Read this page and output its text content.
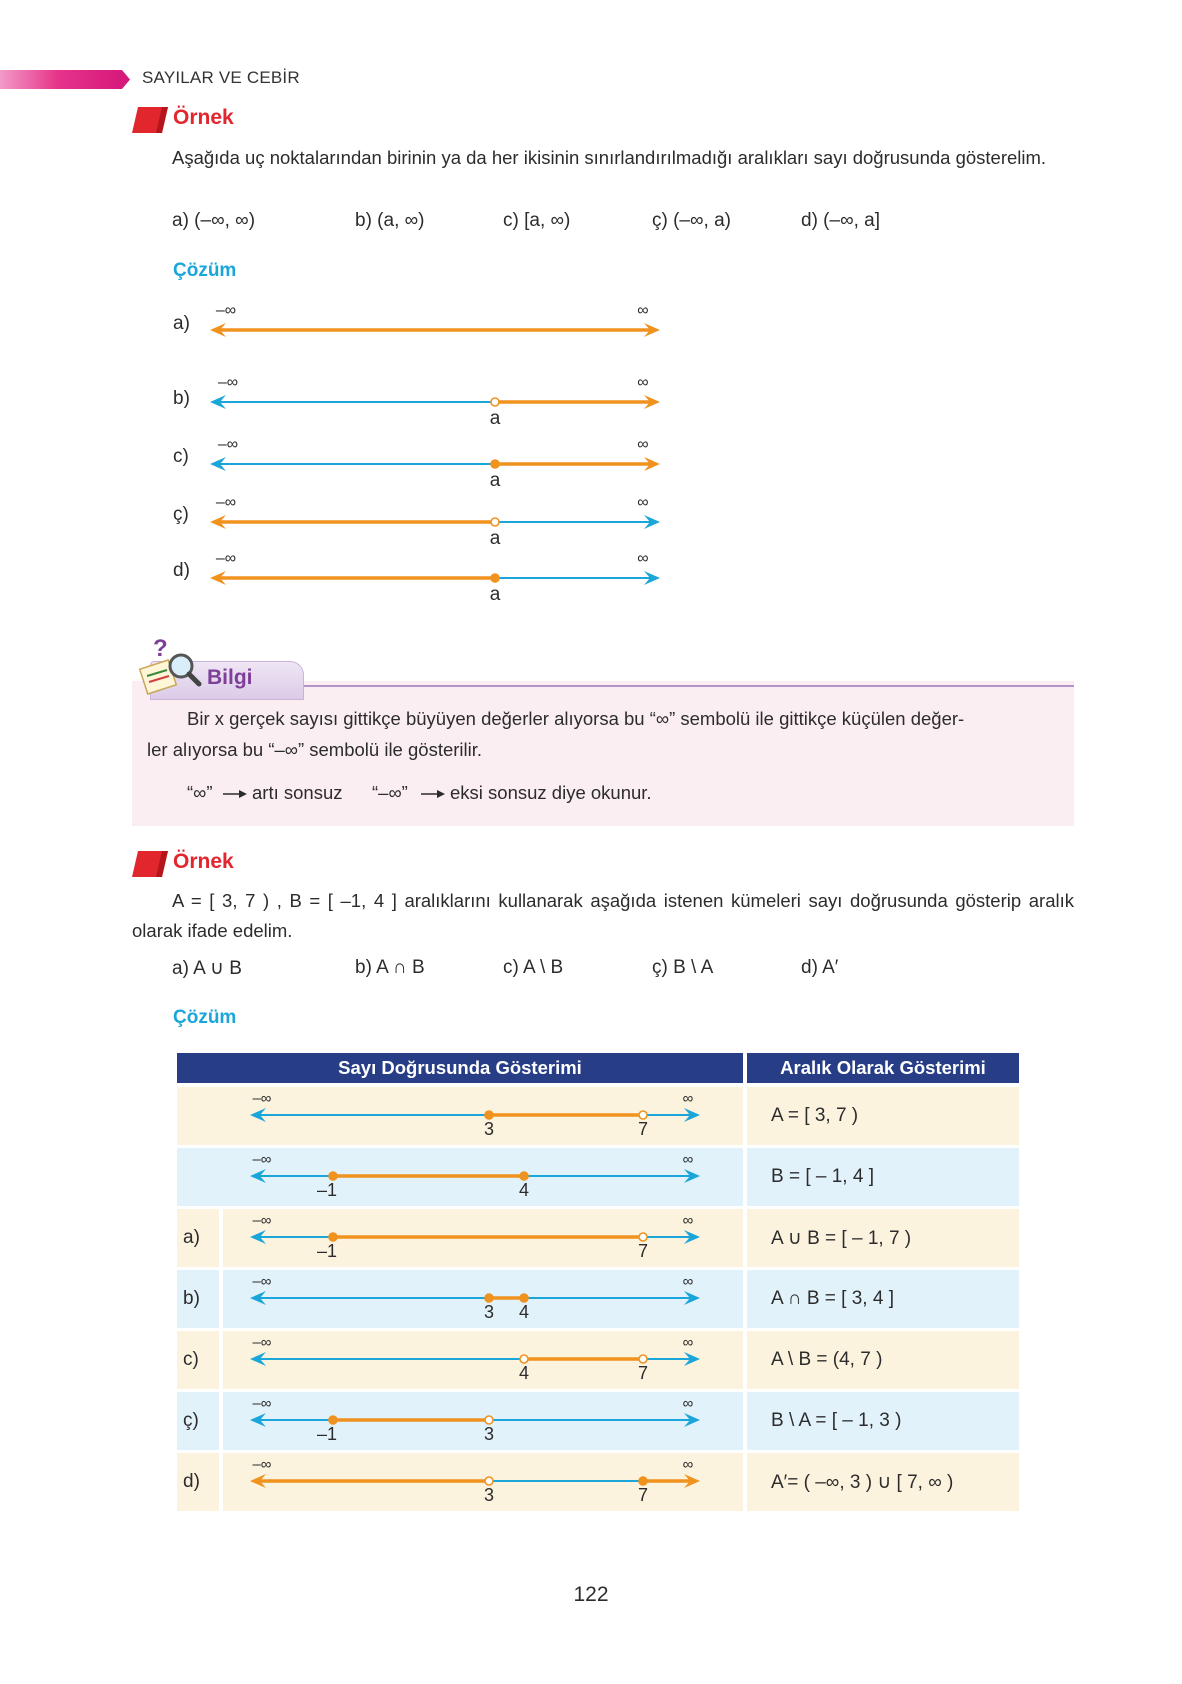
SAYILAR VE CEBİR
Örnek
Aşağıda uç noktalarından birinin ya da her ikisinin sınırlandırılmadığı aralıkları sayı doğrusunda gösterelim.
a) (–∞, ∞)	b) (a, ∞)	c) [a, ∞)	ç) (–∞, a)	d) (–∞, a]
Çözüm
a)
b)
c)
ç)
d)
–∞	∞
–∞	∞
a
–∞	∞
a
–∞	∞
a
–∞	∞
a
?
Bilgi
Bir x gerçek sayısı gittikçe büyüyen değerler alıyorsa bu “∞” sembolü ile gittikçe küçülen değer-
ler alıyorsa bu “–∞” sembolü ile gösterilir.
“∞” artı sonsuz “–∞” eksi sonsuz diye okunur.
Örnek
A = [ 3, 7 ) , B = [ –1, 4 ] aralıklarını kullanarak aşağıda istenen kümeleri sayı doğrusunda gösterip aralık olarak ifade edelim.
a) A ∪ B	b) A ∩ B	c) A \ B	ç) B \ A	d) A′
Çözüm
Sayı Doğrusunda Gösterimi	Aralık Olarak Gösterimi
A = [ 3, 7 )
–∞	∞
3	7
B = [ – 1, 4 ]
–∞	∞
–1	4
a)	A ∪ B = [ – 1, 7 )
–∞	∞
–1	7
b)	A ∩ B = [ 3, 4 ]
–∞	∞
3 4
c)	A \ B = (4, 7 )
–∞	∞
4	7
ç)	B \ A = [ – 1, 3 )
–∞	∞
–1	3
d)	A′= ( –∞, 3 ) ∪ [ 7, ∞ )
–∞	∞
3	7
122
